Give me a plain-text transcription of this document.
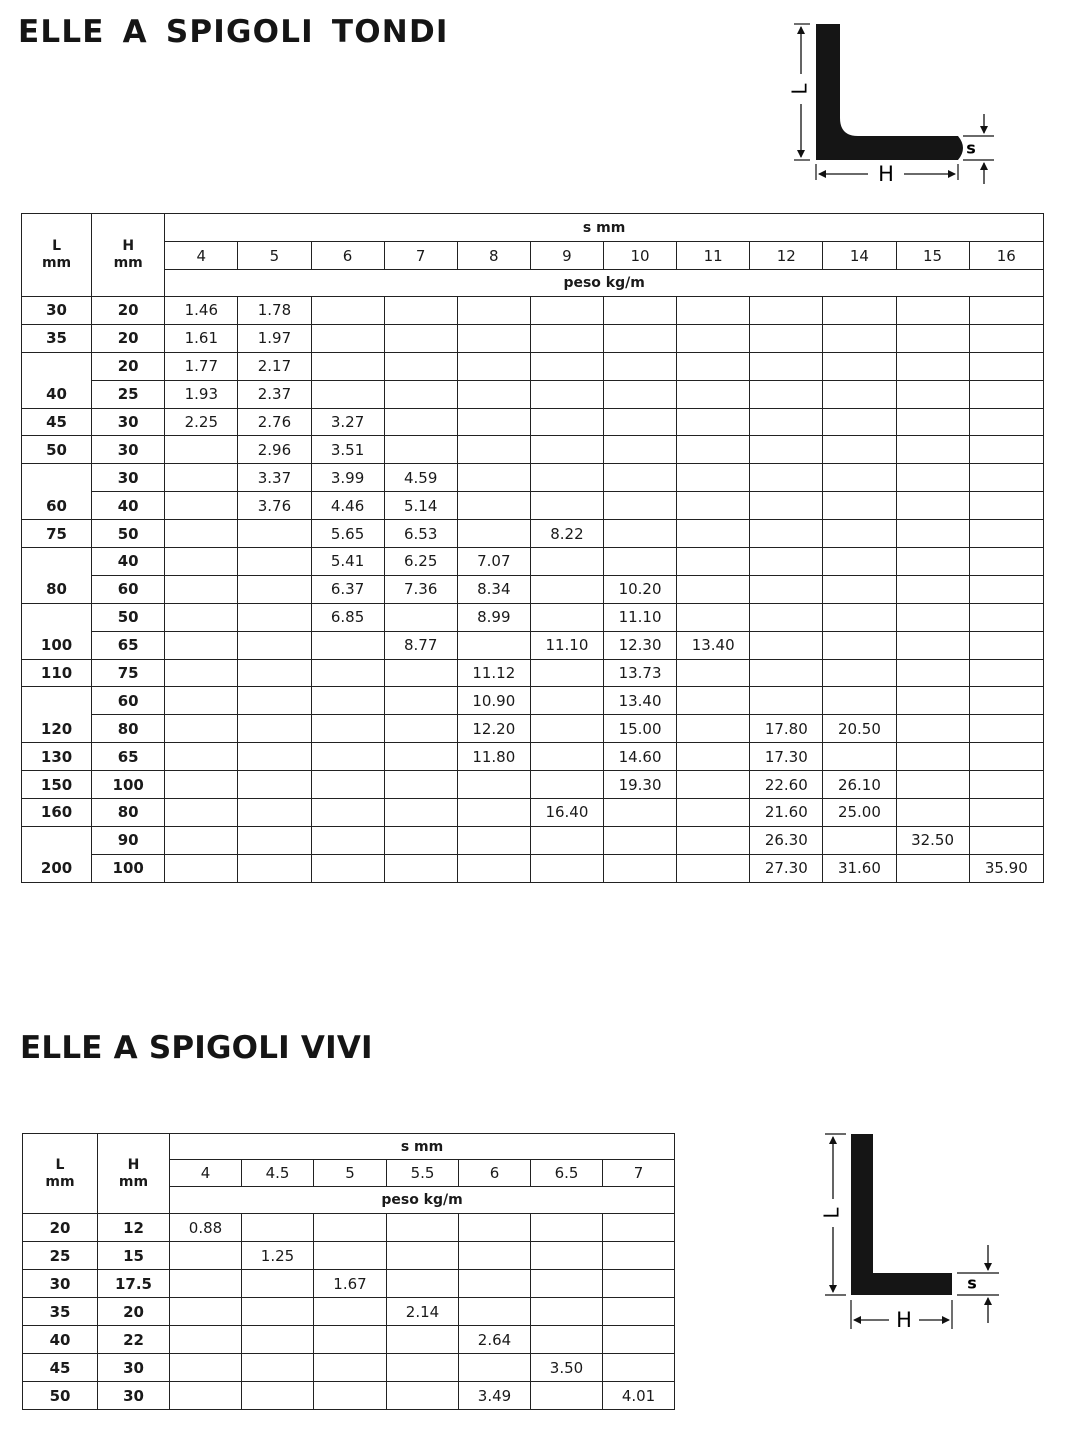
ELLE A SPIGOLI TONDI
L
H
s
L
mm	H
mm	s mm											
		4	5	6	7	8	9	10	11	12	14	15	16
		peso kg/m											
30	20	1.46	1.78										
35	20	1.61	1.97										
	20	1.77	2.17										
40	25	1.93	2.37										
45	30	2.25	2.76	3.27									
50	30		2.96	3.51									
	30		3.37	3.99	4.59								
60	40		3.76	4.46	5.14								
75	50			5.65	6.53		8.22						
	40			5.41	6.25	7.07							
80	60			6.37	7.36	8.34		10.20					
	50			6.85		8.99		11.10					
100	65				8.77		11.10	12.30	13.40				
110	75					11.12		13.73					
	60					10.90		13.40					
120	80					12.20		15.00		17.80	20.50		
130	65					11.80		14.60		17.30			
150	100							19.30		22.60	26.10		
160	80						16.40			21.60	25.00		
	90									26.30		32.50	
200	100									27.30	31.60		35.90
ELLE A SPIGOLI VIVI
L
H
s
L
mm	H
mm	s mm						
		4	4.5	5	5.5	6	6.5	7
		peso kg/m						
20	12	0.88						
25	15		1.25					
30	17.5			1.67				
35	20				2.14			
40	22					2.64		
45	30						3.50	
50	30					3.49		4.01
